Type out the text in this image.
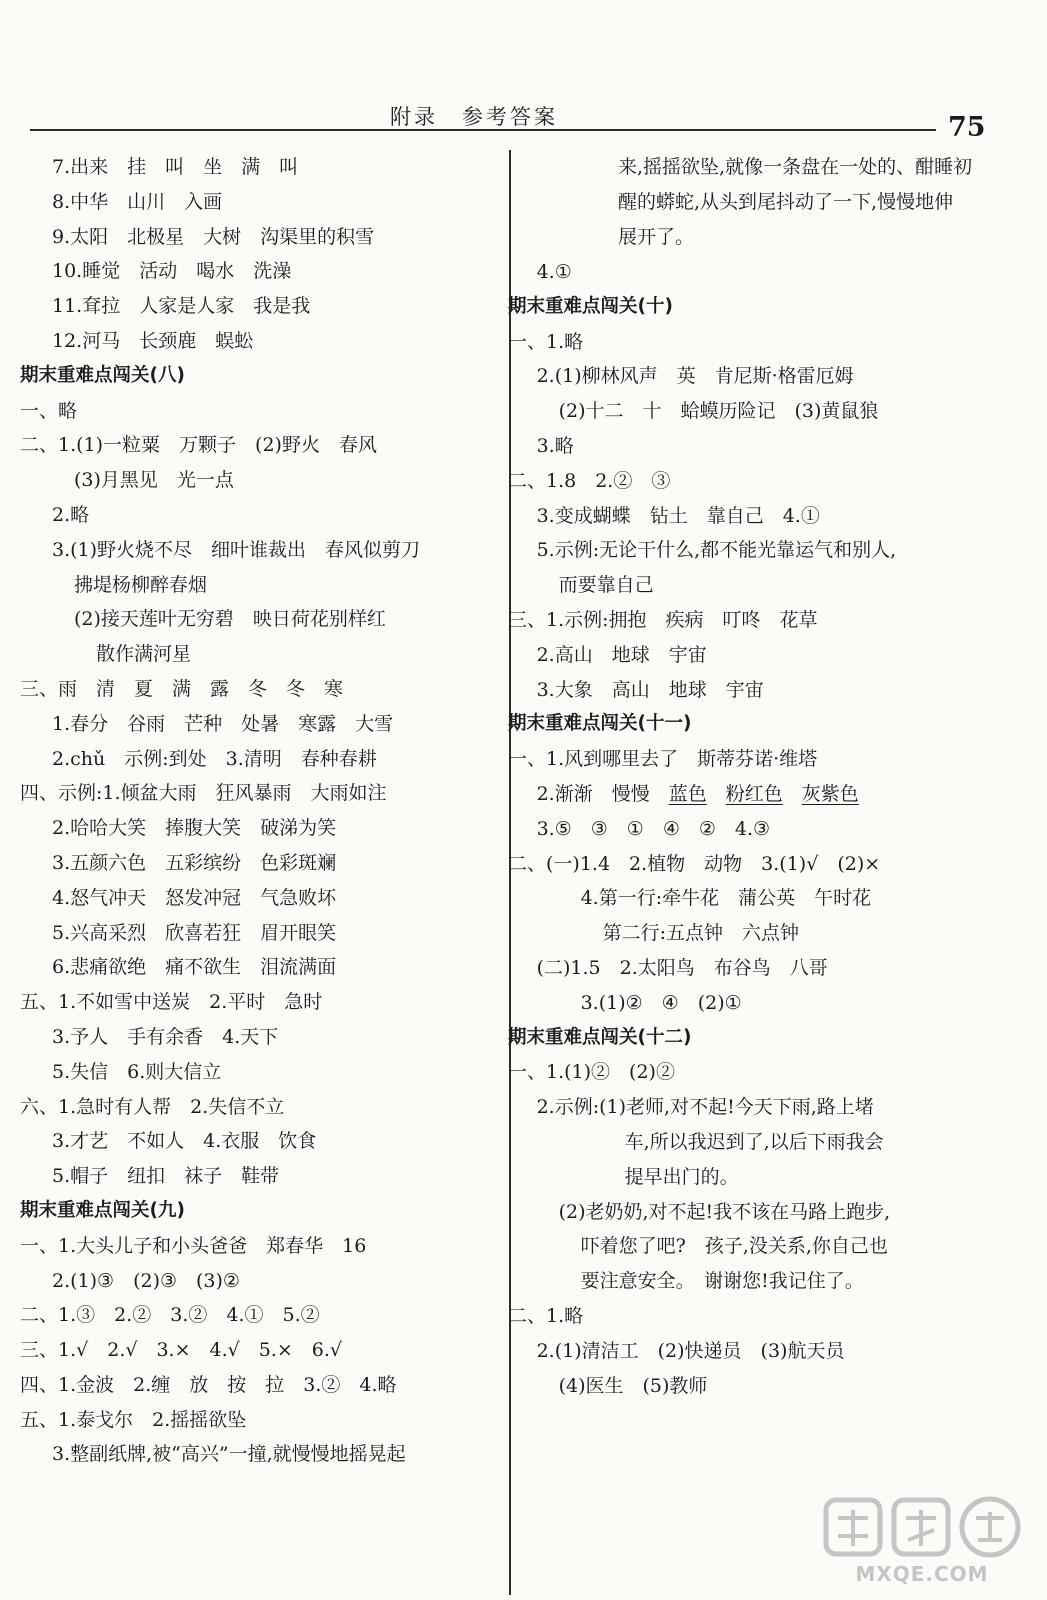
附录　参考答案	75
7.出来　挂　叫　坐　满　叫
8.中华　山川　入画
9.太阳　北极星　大树　沟渠里的积雪
10.睡觉　活动　喝水　洗澡
11.耷拉　人家是人家　我是我
12.河马　长颈鹿　蜈蚣
期末重难点闯关(八)
一、略
二、1.(1)一粒粟　万颗子　(2)野火　春风
(3)月黑见　光一点
2.略
3.(1)野火烧不尽　细叶谁裁出　春风似剪刀
拂堤杨柳醉春烟
(2)接天莲叶无穷碧　映日荷花别样红
散作满河星
三、雨　清　夏　满　露　冬　冬　寒
1.春分　谷雨　芒种　处暑　寒露　大雪
2.chǔ　示例:到处　3.清明　春种春耕
四、示例:1.倾盆大雨　狂风暴雨　大雨如注
2.哈哈大笑　捧腹大笑　破涕为笑
3.五颜六色　五彩缤纷　色彩斑斓
4.怒气冲天　怒发冲冠　气急败坏
5.兴高采烈　欣喜若狂　眉开眼笑
6.悲痛欲绝　痛不欲生　泪流满面
五、1.不如雪中送炭　2.平时　急时
3.予人　手有余香　4.天下
5.失信　6.则大信立
六、1.急时有人帮　2.失信不立
3.才艺　不如人　4.衣服　饮食
5.帽子　纽扣　袜子　鞋带
期末重难点闯关(九)
一、1.大头儿子和小头爸爸　郑春华　16
2.(1)③　(2)③　(3)②
二、1.③　2.②　3.②　4.①　5.②
三、1.√　2.√　3.×　4.√　5.×　6.√
四、1.金波　2.缠　放　按　拉　3.②　4.略
五、1.泰戈尔　2.摇摇欲坠
3.整副纸牌,被“高兴”一撞,就慢慢地摇晃起
来,摇摇欲坠,就像一条盘在一处的、酣睡初
醒的蟒蛇,从头到尾抖动了一下,慢慢地伸
展开了。
4.①
期末重难点闯关(十)
一、1.略
2.(1)柳林风声　英　肯尼斯·格雷厄姆
(2)十二　十　蛤蟆历险记　(3)黄鼠狼
3.略
二、1.8　2.②　③
3.变成蝴蝶　钻土　靠自己　4.①
5.示例:无论干什么,都不能光靠运气和别人,
而要靠自己
三、1.示例:拥抱　疾病　叮咚　花草
2.高山　地球　宇宙
3.大象　高山　地球　宇宙
期末重难点闯关(十一)
一、1.风到哪里去了　斯蒂芬诺·维塔
2.渐渐　慢慢　蓝色　 粉红色　 灰紫色
3.⑤　③　①　④　②　4.③
二、(一)1.4　2.植物　动物　3.(1)√　(2)×
4.第一行:牵牛花　蒲公英　午时花
第二行:五点钟　六点钟
(二)1.5　2.太阳鸟　布谷鸟　八哥
3.(1)②　④　(2)①
期末重难点闯关(十二)
一、1.(1)②　(2)②
2.示例:(1)老师,对不起!今天下雨,路上堵
车,所以我迟到了,以后下雨我会
提早出门的。
(2)老奶奶,对不起!我不该在马路上跑步,
吓着您了吧?　孩子,没关系,你自己也
要注意安全。　谢谢您!我记住了。
二、1.略
2.(1)清洁工　(2)快递员　(3)航天员
(4)医生　(5)教师
MXQE.COM
